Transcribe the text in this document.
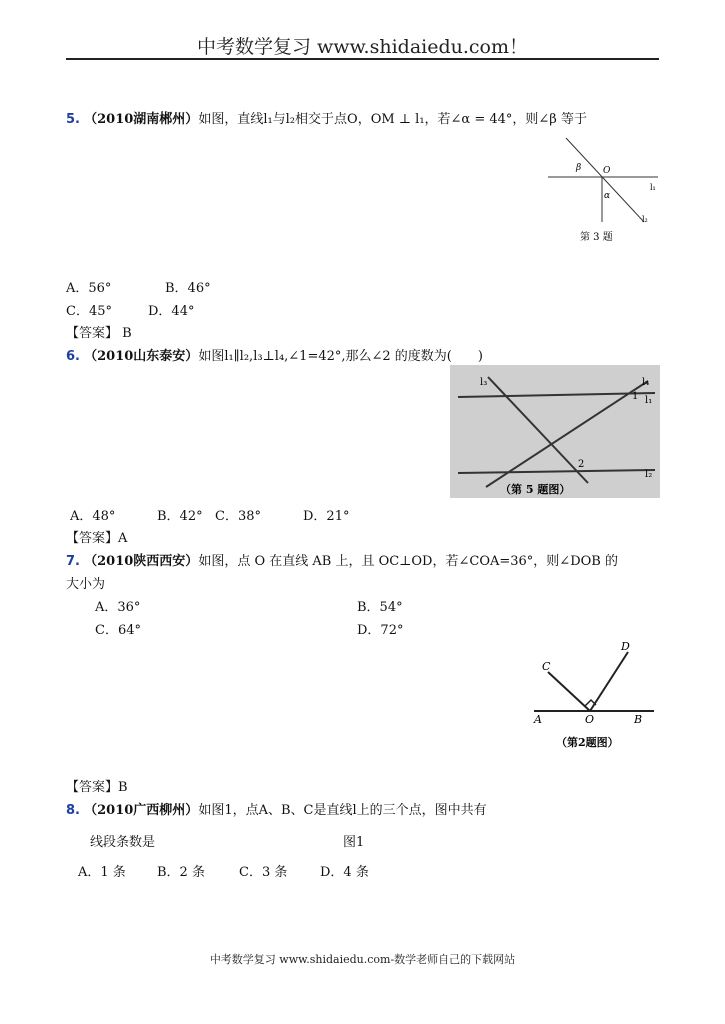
中考数学复习 www.shidaiedu.com！
5. （2010湖南郴州）如图，直线l₁与l₂相交于点O，OM ⊥ l₁，若∠α = 44°，则∠β 等于
β O
α
l₁
l₂
第 3 题
A．56°	B．46°
C．45°	D．44°
【答案】 B
6. （2010山东泰安）如图l₁∥l₂,l₃⊥l₄,∠1=42°,那么∠2 的度数为(　　)
l₃	l₄
l₁
l₂
1
2
（第 5 题图）
A．48°	B．42° C．38°	D．21°
【答案】A
7. （2010陕西西安）如图，点 O 在直线 AB 上，且 OC⊥OD，若∠COA=36°，则∠DOB 的
大小为
A．36°	B．54°
C．64°	D．72°
C
D
A	O	B
（第2题图）
【答案】B
8. （2010广西柳州）如图1，点A、B、C是直线l上的三个点，图中共有
线段条数是	图1
A．1 条 B．2 条	C．3 条	D．4 条
中考数学复习 www.shidaiedu.com-数学老师自己的下载网站
